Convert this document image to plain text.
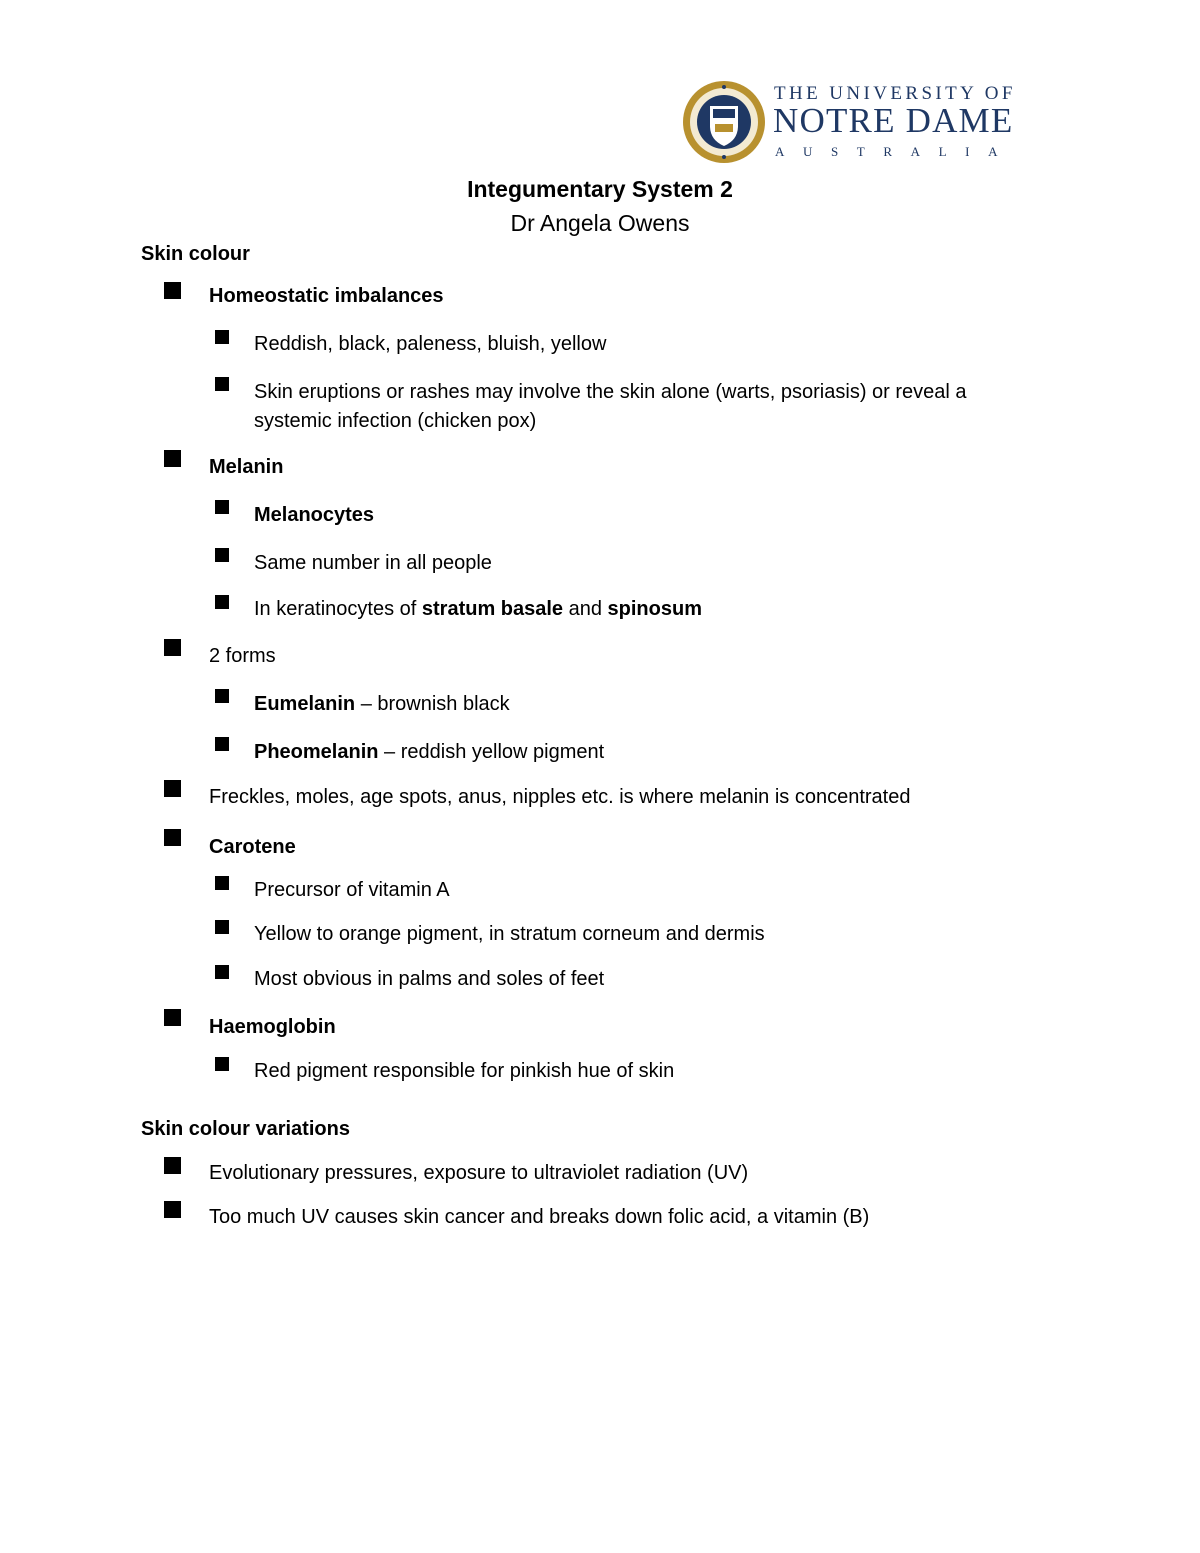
THE UNIVERSITY OF
NOTRE DAME
AUSTRALIA
Integumentary System 2
Dr Angela Owens
Skin colour
Homeostatic imbalances
Reddish, black, paleness, bluish, yellow
Skin eruptions or rashes may involve the skin alone (warts, psoriasis) or reveal a systemic infection (chicken pox)
Melanin
Melanocytes
Same number in all people
In keratinocytes of stratum basale and spinosum
2 forms
Eumelanin – brownish black
Pheomelanin – reddish yellow pigment
Freckles, moles, age spots, anus, nipples etc. is where melanin is concentrated
Carotene
Precursor of vitamin A
Yellow to orange pigment, in stratum corneum and dermis
Most obvious in palms and soles of feet
Haemoglobin
Red pigment responsible for pinkish hue of skin
Skin colour variations
Evolutionary pressures, exposure to ultraviolet radiation (UV)
Too much UV causes skin cancer and breaks down folic acid, a vitamin (B)
